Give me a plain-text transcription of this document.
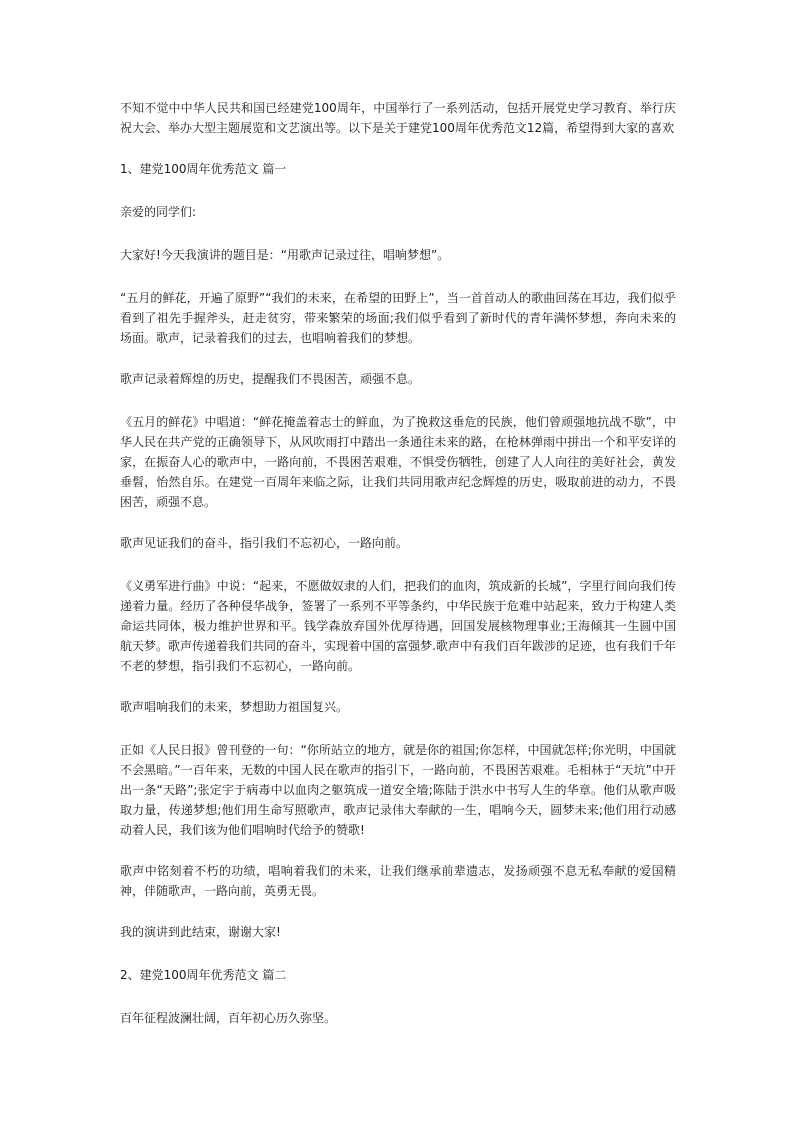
不知不觉中中华人民共和国已经建党100周年，中国举行了一系列活动，包括开展党史学习教育、举行庆祝大会、举办大型主题展览和文艺演出等。以下是关于建党100周年优秀范文12篇，希望得到大家的喜欢

1、建党100周年优秀范文 篇一

亲爱的同学们:

大家好!今天我演讲的题目是：“用歌声记录过往，唱响梦想”。

“五月的鲜花，开遍了原野”“我们的未来，在希望的田野上”，当一首首动人的歌曲回荡在耳边，我们似乎看到了祖先手握斧头，赶走贫穷，带来繁荣的场面;我们似乎看到了新时代的青年满怀梦想，奔向未来的场面。歌声，记录着我们的过去，也唱响着我们的梦想。

歌声记录着辉煌的历史，提醒我们不畏困苦，顽强不息。

《五月的鲜花》中唱道：“鲜花掩盖着志士的鲜血，为了挽救这垂危的民族，他们曾顽强地抗战不歇”，中华人民在共产党的正确领导下，从风吹雨打中踏出一条通往未来的路，在枪林弹雨中拼出一个和平安详的家，在振奋人心的歌声中，一路向前，不畏困苦艰难，不惧受伤牺牲，创建了人人向往的美好社会，黄发垂髫，怡然自乐。在建党一百周年来临之际，让我们共同用歌声纪念辉煌的历史，吸取前进的动力，不畏困苦，顽强不息。

歌声见证我们的奋斗，指引我们不忘初心，一路向前。

《义勇军进行曲》中说：“起来，不愿做奴隶的人们，把我们的血肉，筑成新的长城”，字里行间向我们传递着力量。经历了各种侵华战争，签署了一系列不平等条约，中华民族于危难中站起来，致力于构建人类命运共同体，极力维护世界和平。钱学森放弃国外优厚待遇，回国发展核物理事业;王海倾其一生圆中国航天梦。歌声传递着我们共同的奋斗，实现着中国的富强梦.歌声中有我们百年跋涉的足迹，也有我们千年不老的梦想，指引我们不忘初心，一路向前。

歌声唱响我们的未来，梦想助力祖国复兴。

正如《人民日报》曾刊登的一句：“你所站立的地方，就是你的祖国;你怎样，中国就怎样;你光明，中国就不会黑暗。”一百年来，无数的中国人民在歌声的指引下，一路向前，不畏困苦艰难。毛相林于“天坑”中开出一条“天路”;张定宇于病毒中以血肉之躯筑成一道安全墙;陈陆于洪水中书写人生的华章。他们从歌声吸取力量，传递梦想;他们用生命写照歌声，歌声记录伟大奉献的一生，唱响今天，圆梦未来;他们用行动感动着人民，我们该为他们唱响时代给予的赞歌!

歌声中铭刻着不朽的功绩，唱响着我们的未来，让我们继承前辈遗志，发扬顽强不息无私奉献的爱国精神，伴随歌声，一路向前，英勇无畏。

我的演讲到此结束，谢谢大家!

2、建党100周年优秀范文 篇二

百年征程波澜壮阔，百年初心历久弥坚。
